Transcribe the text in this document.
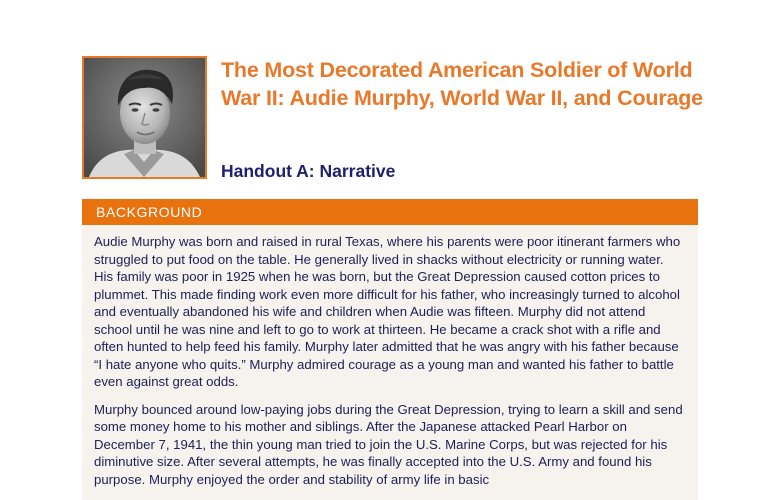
The Most Decorated American Soldier of World War II: Audie Murphy, World War II, and Courage
Handout A: Narrative
BACKGROUND

Audie Murphy was born and raised in rural Texas, where his parents were poor itinerant farmers who struggled to put food on the table. He generally lived in shacks without electricity or running water. His family was poor in 1925 when he was born, but the Great Depression caused cotton prices to plummet. This made finding work even more difficult for his father, who increasingly turned to alcohol and eventually abandoned his wife and children when Audie was fifteen. Murphy did not attend school until he was nine and left to go to work at thirteen. He became a crack shot with a rifle and often hunted to help feed his family. Murphy later admitted that he was angry with his father because “I hate anyone who quits.” Murphy admired courage as a young man and wanted his father to battle even against great odds.

Murphy bounced around low-paying jobs during the Great Depression, trying to learn a skill and send some money home to his mother and siblings. After the Japanese attacked Pearl Harbor on December 7, 1941, the thin young man tried to join the U.S. Marine Corps, but was rejected for his diminutive size. After several attempts, he was finally accepted into the U.S. Army and found his purpose. Murphy enjoyed the order and stability of army life in basic
